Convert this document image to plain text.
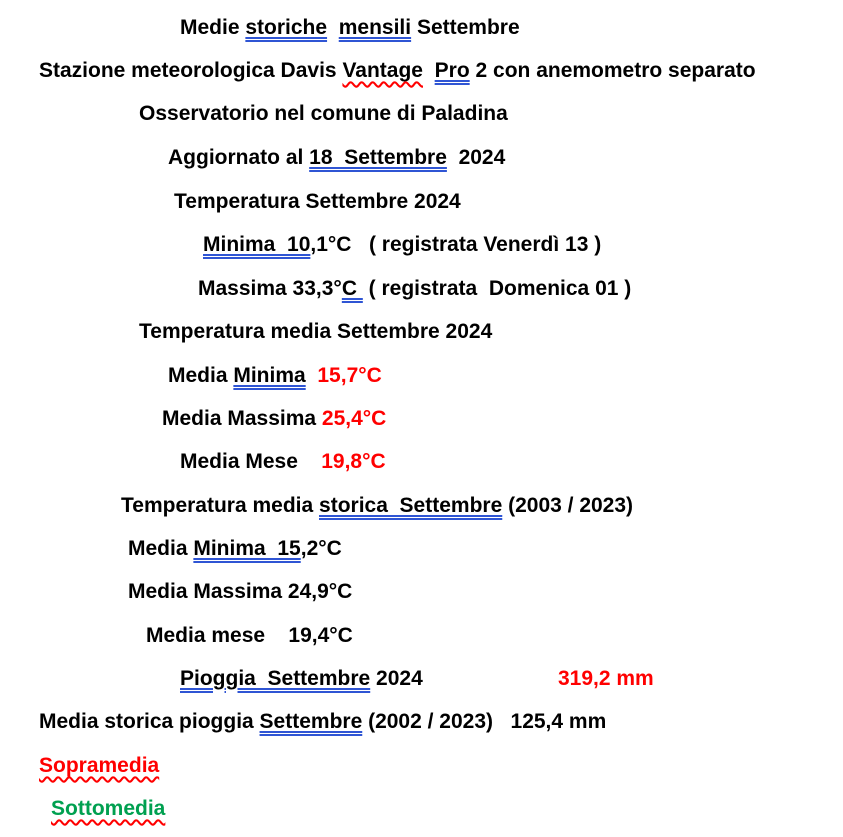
Medie storiche mensili Settembre
Stazione meteorologica Davis Vantage Pro 2 con anemometro separato
Osservatorio nel comune di Paladina
Aggiornato al 18  Settembre  2024
Temperatura Settembre 2024
Minima  10,1°C   ( registrata Venerdì 13 )
Massima 33,3°C  ( registrata  Domenica 01 )
Temperatura media Settembre 2024
Media Minima 15,7°C
Media Massima 25,4°C
Media Mese    19,8°C
Temperatura media storica  Settembre (2003 / 2023)
Media Minima  15,2°C
Media Massima 24,9°C
Media mese    19,4°C
Pioggia  Settembre 2024	319,2 mm
Media storica pioggia Settembre (2002 / 2023)   125,4 mm
Sopramedia
Sottomedia
